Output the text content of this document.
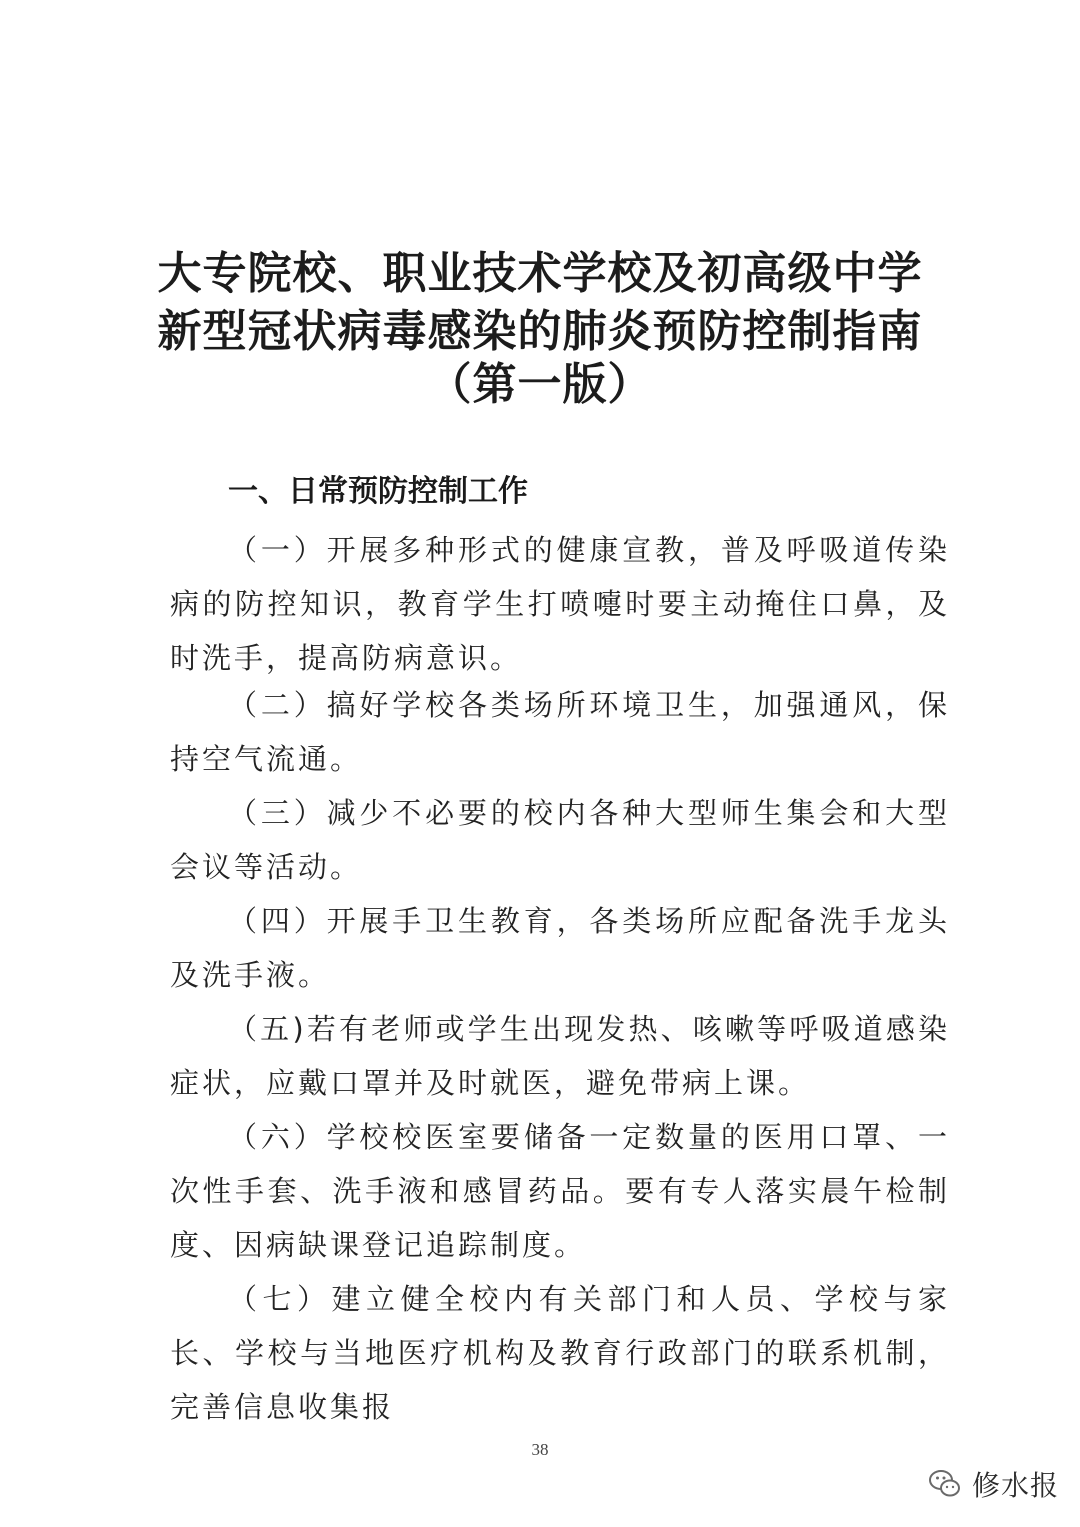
大专院校、职业技术学校及初高级中学
新型冠状病毒感染的肺炎预防控制指南
（第一版）
一、日常预防控制工作

（一）开展多种形式的健康宣教，普及呼吸道传染病的防控知识，教育学生打喷嚏时要主动掩住口鼻，及时洗手，提高防病意识。

（二）搞好学校各类场所环境卫生，加强通风，保持空气流通。

（三）减少不必要的校内各种大型师生集会和大型会议等活动。

（四）开展手卫生教育，各类场所应配备洗手龙头及洗手液。

（五)若有老师或学生出现发热、咳嗽等呼吸道感染症状，应戴口罩并及时就医，避免带病上课。

（六）学校校医室要储备一定数量的医用口罩、一次性手套、洗手液和感冒药品。要有专人落实晨午检制度、因病缺课登记追踪制度。

（七）建立健全校内有关部门和人员、学校与家长、学校与当地医疗机构及教育行政部门的联系机制，完善信息收集报

38
修水报
